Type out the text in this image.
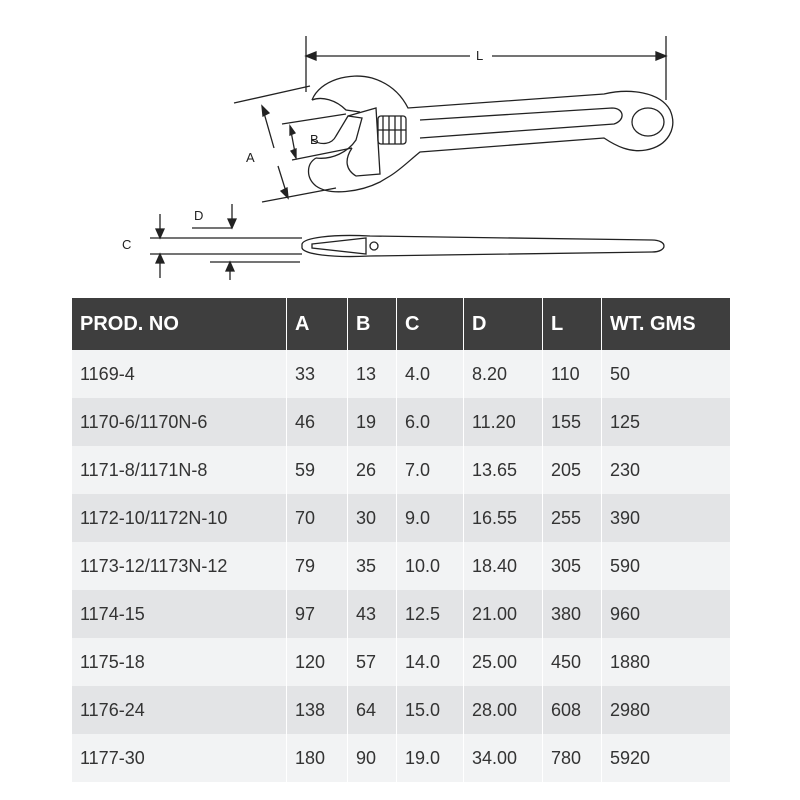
L
A
B
C
D
PROD. NO	A	B	C	D	L	WT. GMS
1169-4	33	13	4.0	8.20	110	50
1170-6/1170N-6	46	19	6.0	11.20	155	125
1171-8/1171N-8	59	26	7.0	13.65	205	230
1172-10/1172N-10	70	30	9.0	16.55	255	390
1173-12/1173N-12	79	35	10.0	18.40	305	590
1174-15	97	43	12.5	21.00	380	960
1175-18	120	57	14.0	25.00	450	1880
1176-24	138	64	15.0	28.00	608	2980
1177-30	180	90	19.0	34.00	780	5920
